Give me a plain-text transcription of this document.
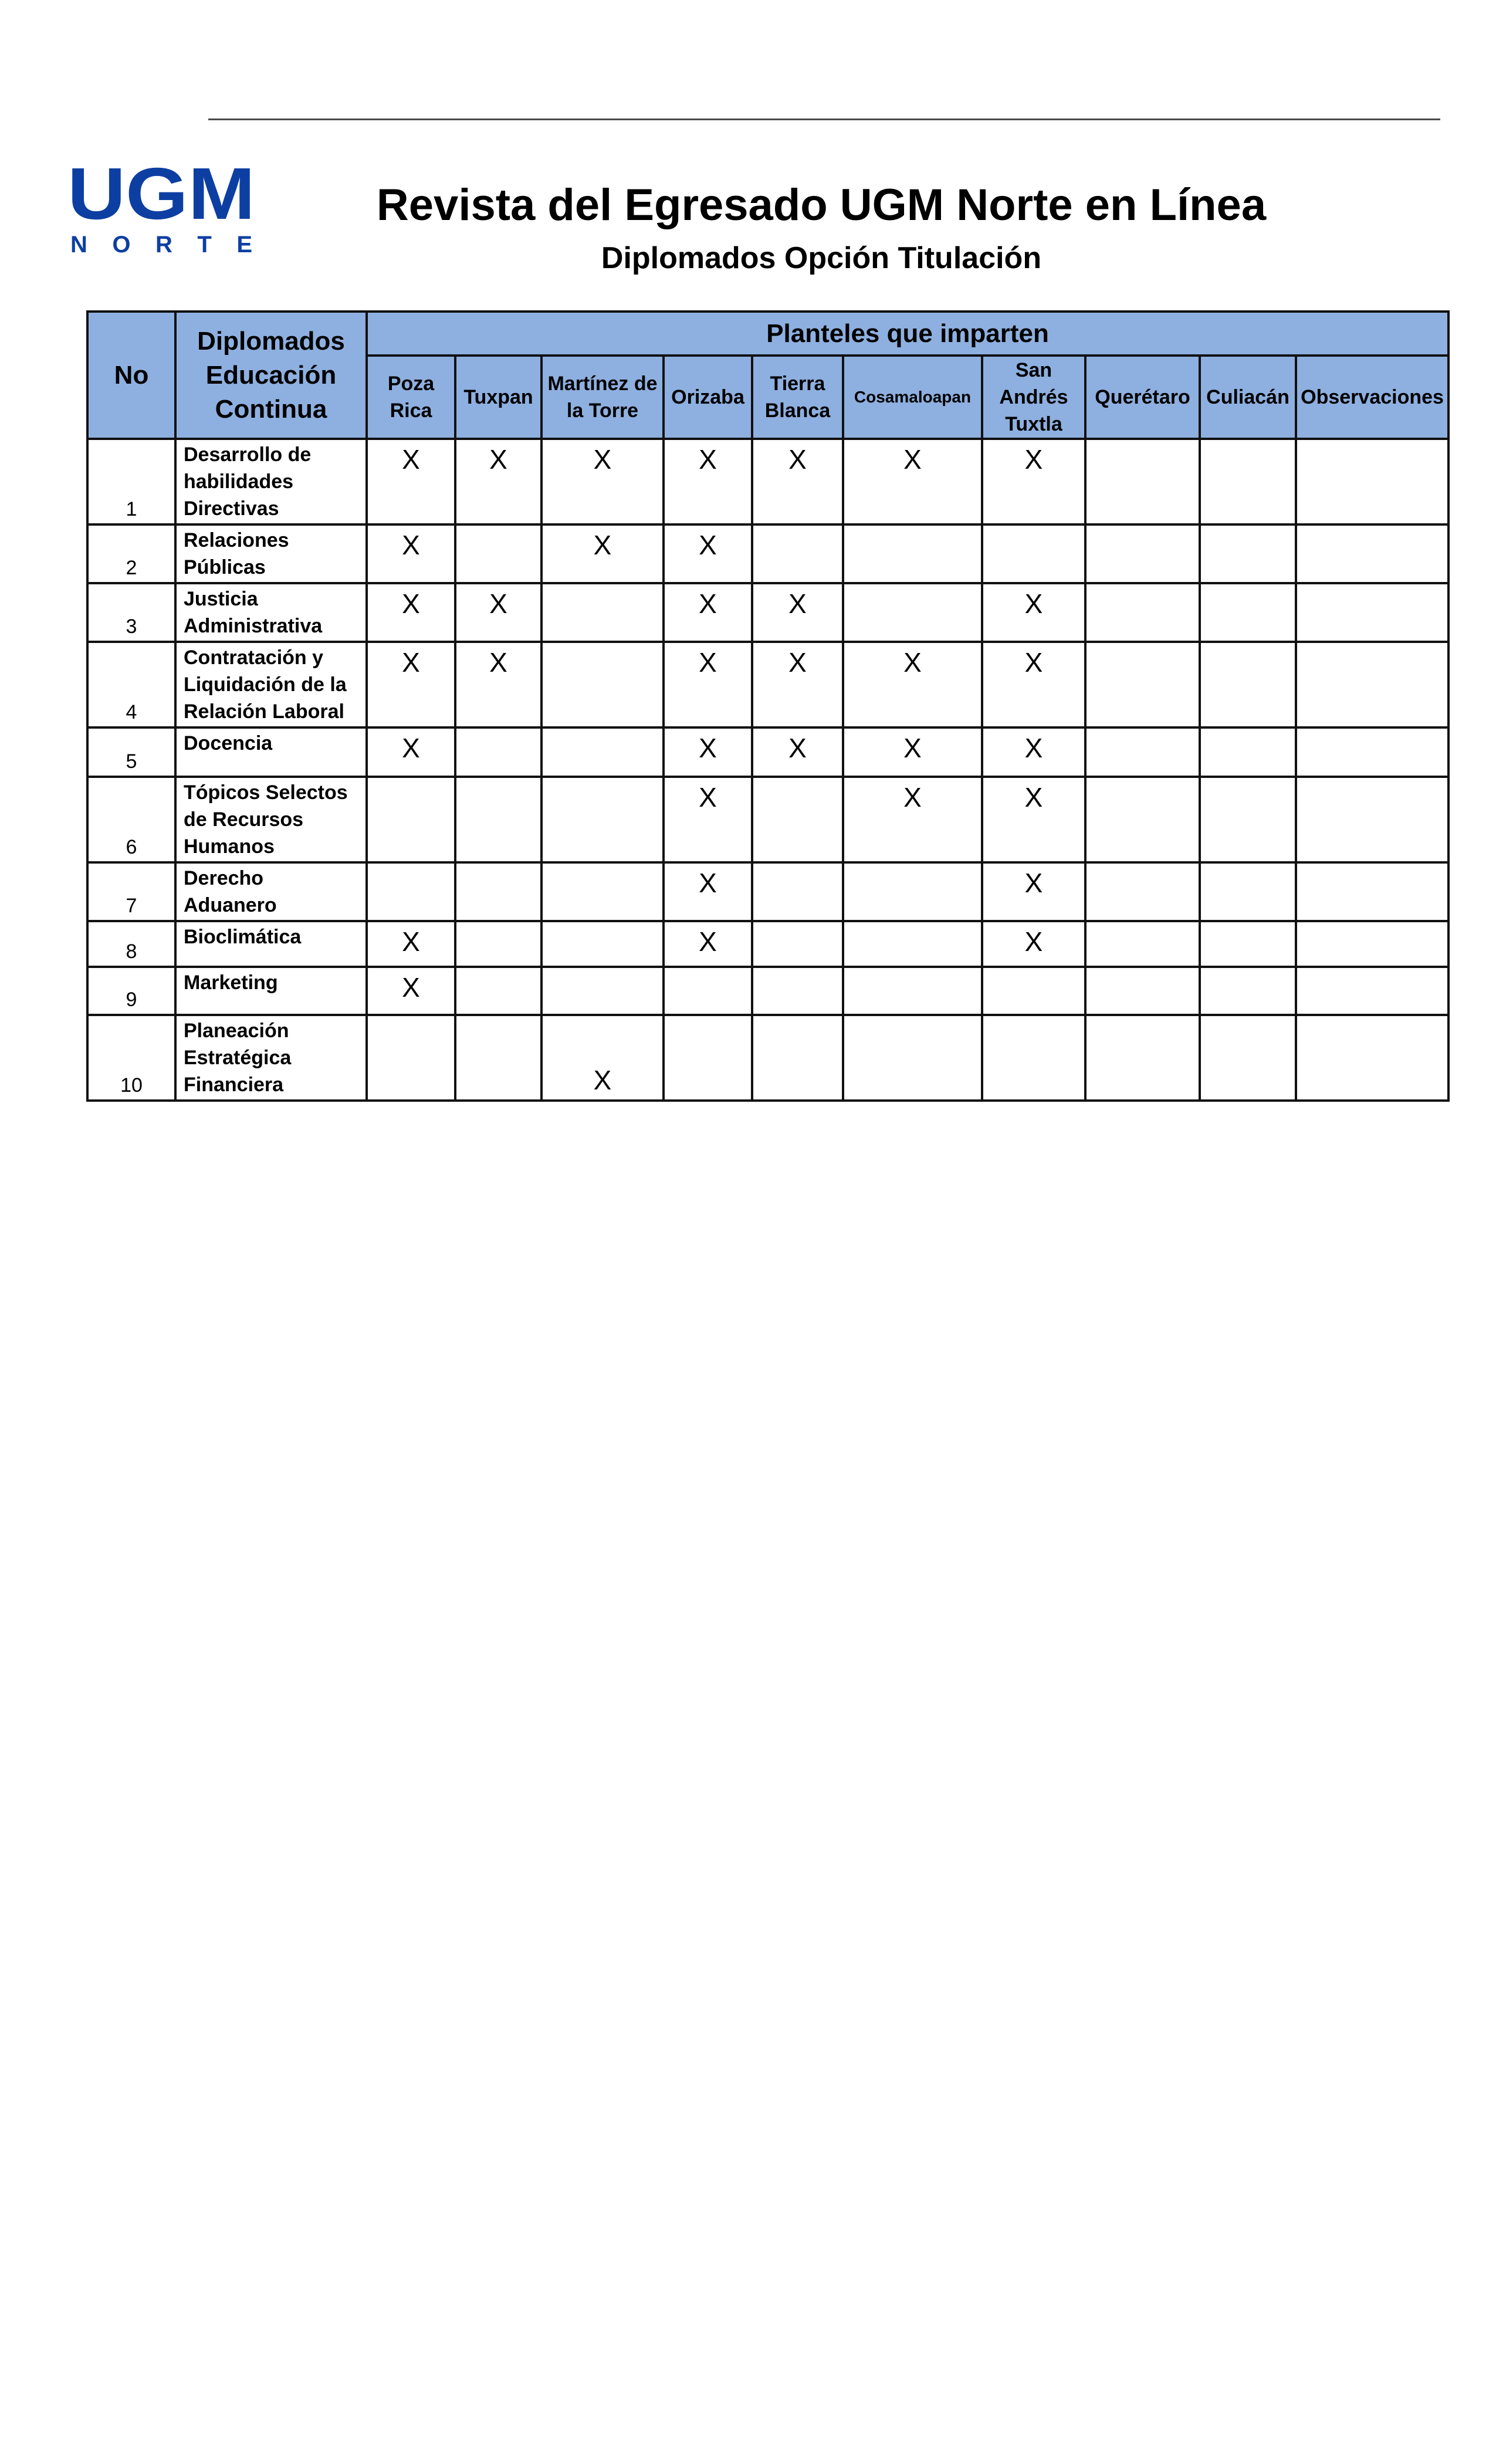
UGM
NORTE
Revista del Egresado UGM Norte en Línea
Diplomados Opción Titulación
No	Diplomados Educación Continua	Planteles que imparten									
		Poza Rica	Tuxpan	Martínez de la Torre	Orizaba	Tierra Blanca	Cosamaloapan	San Andrés Tuxtla	Querétaro	Culiacán	Observaciones
1	Desarrollo de habilidades Directivas	X	X	X	X	X	X	X			
2	Relaciones Públicas	X		X	X						
3	Justicia Administrativa	X	X		X	X		X			
4	Contratación y Liquidación de la Relación Laboral	X	X		X	X	X	X			
5	Docencia	X			X	X	X	X			
6	Tópicos Selectos de Recursos Humanos				X		X	X			
7	Derecho Aduanero				X			X			
8	Bioclimática	X			X			X			
9	Marketing	X									
10	Planeación Estratégica Financiera			X							
